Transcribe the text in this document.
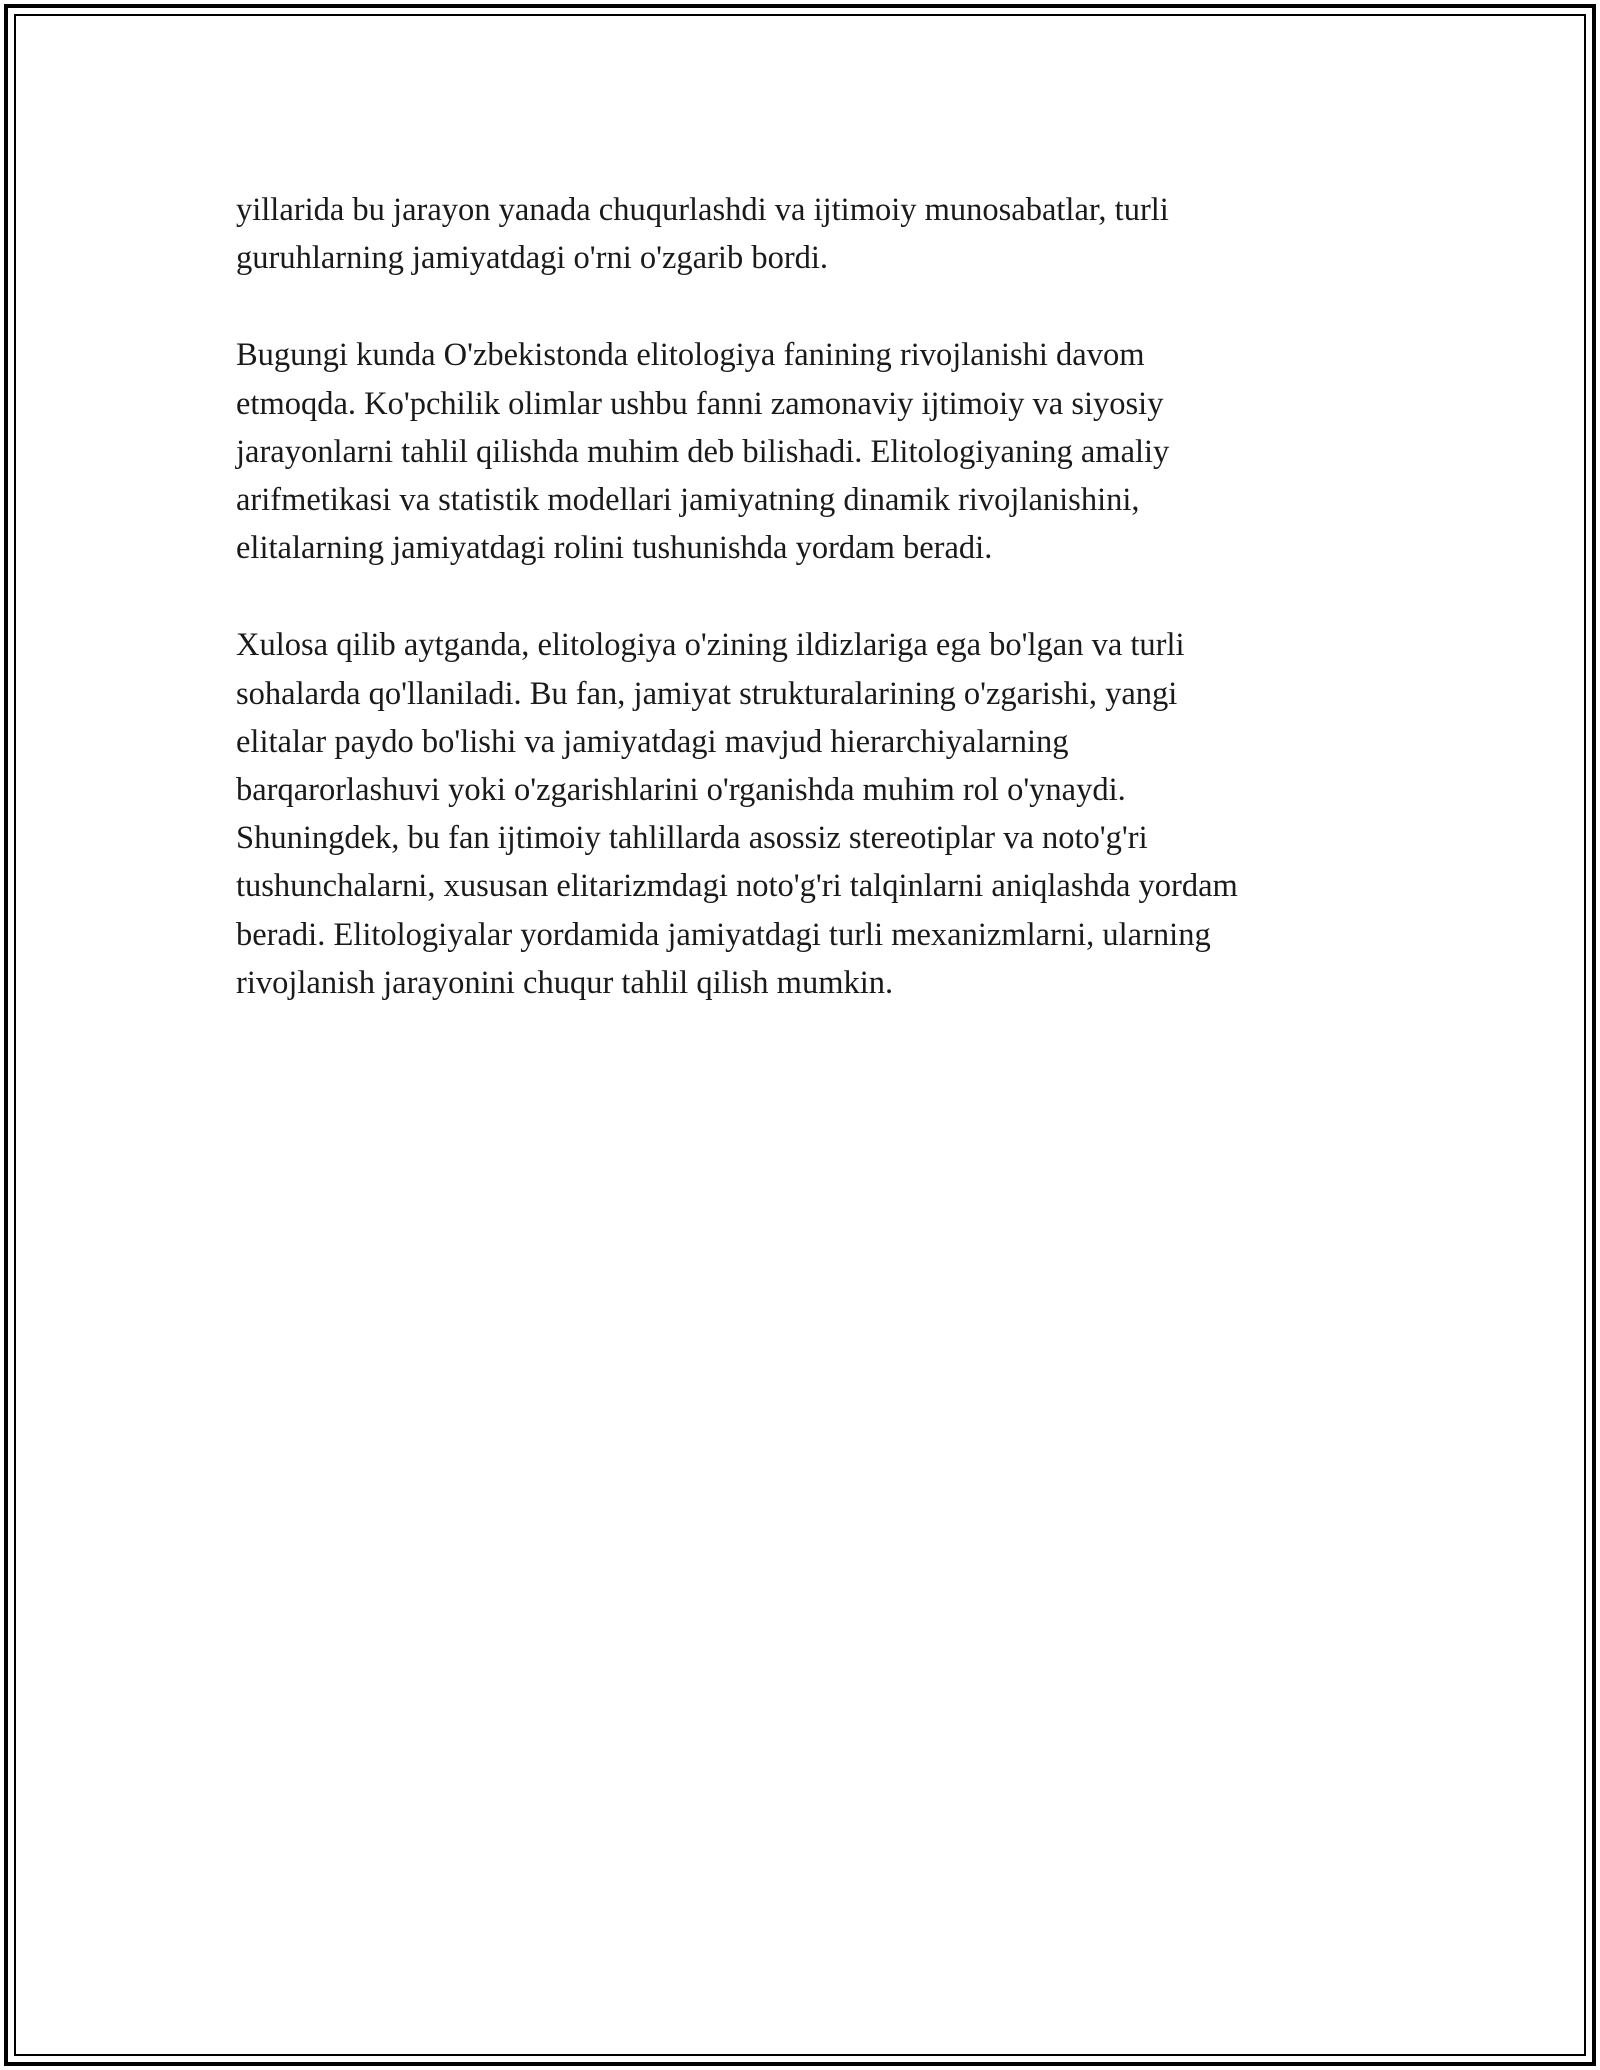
yillarida bu jarayon yanada chuqurlashdi va ijtimoiy munosabatlar, turli
guruhlarning jamiyatdagi o'rni o'zgarib bordi.

Bugungi kunda O'zbekistonda elitologiya fanining rivojlanishi davom
etmoqda. Ko'pchilik olimlar ushbu fanni zamonaviy ijtimoiy va siyosiy
jarayonlarni tahlil qilishda muhim deb bilishadi. Elitologiyaning amaliy
arifmetikasi va statistik modellari jamiyatning dinamik rivojlanishini,
elitalarning jamiyatdagi rolini tushunishda yordam beradi.

Xulosa qilib aytganda, elitologiya o'zining ildizlariga ega bo'lgan va turli
sohalarda qo'llaniladi. Bu fan, jamiyat strukturalarining o'zgarishi, yangi
elitalar paydo bo'lishi va jamiyatdagi mavjud hierarchiyalarning
barqarorlashuvi yoki o'zgarishlarini o'rganishda muhim rol o'ynaydi.
Shuningdek, bu fan ijtimoiy tahlillarda asossiz stereotiplar va noto'g'ri
tushunchalarni, xususan elitarizmdagi noto'g'ri talqinlarni aniqlashda yordam
beradi. Elitologiyalar yordamida jamiyatdagi turli mexanizmlarni, ularning
rivojlanish jarayonini chuqur tahlil qilish mumkin.
